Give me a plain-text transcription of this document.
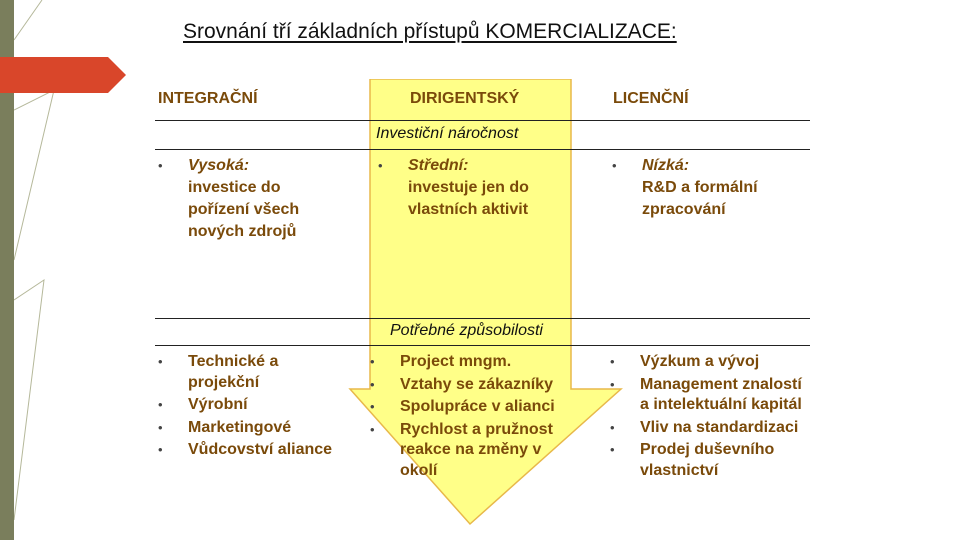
Srovnání tří základních přístupů KOMERCIALIZACE:
INTEGRAČNÍ	DIRIGENTSKÝ	LICENČNÍ
Investiční náročnost
• Vysoká:
investice do
pořízení všech
nových zdrojů
• Střední:
investuje jen do
vlastních aktivit
• Nízká:
R&D a formální
zpracování
Potřebné způsobilosti
• Technické a projekční
• Výrobní
• Marketingové
• Vůdcovství aliance
• Project mngm.
• Vztahy se zákazníky
• Spolupráce v alianci
• Rychlost a pružnost reakce na změny v okolí
• Výzkum a vývoj
• Management znalostí a intelektuální kapitál
• Vliv na standardizaci
• Prodej duševního vlastnictví
